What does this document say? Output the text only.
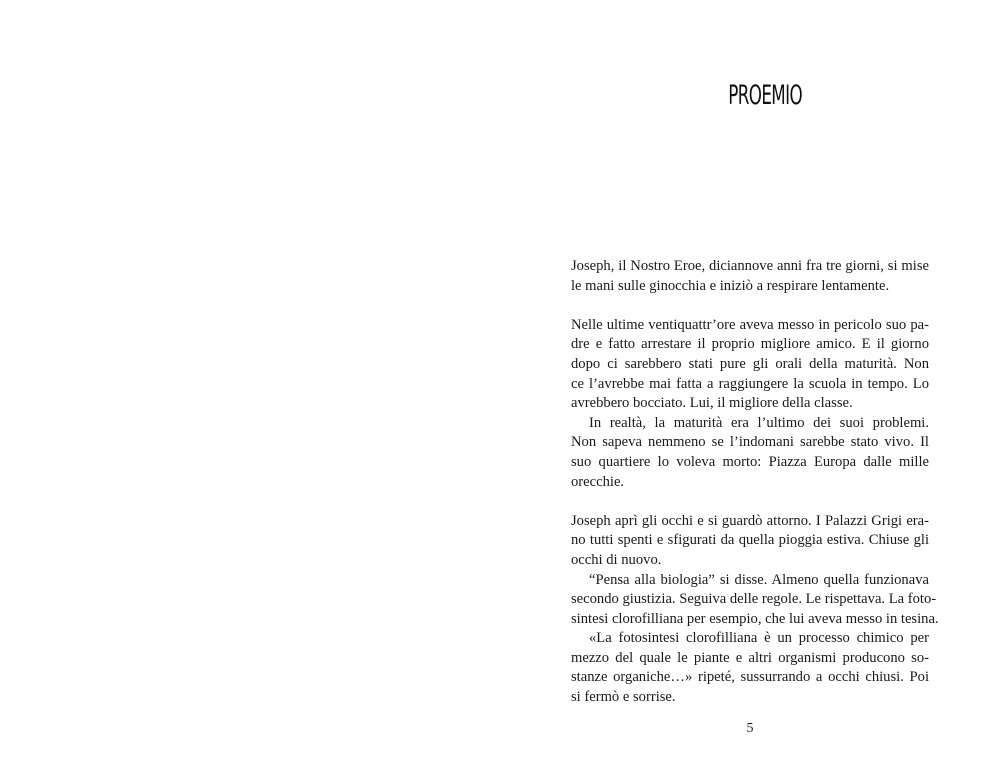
PROEMIO
Joseph, il Nostro Eroe, diciannove anni fra tre giorni, si mise
le mani sulle ginocchia e iniziò a respirare lentamente.
Nelle ultime ventiquattr’ore aveva messo in pericolo suo pa-
dre e fatto arrestare il proprio migliore amico. E il giorno
dopo ci sarebbero stati pure gli orali della maturità. Non
ce l’avrebbe mai fatta a raggiungere la scuola in tempo. Lo
avrebbero bocciato. Lui, il migliore della classe.
In realtà, la maturità era l’ultimo dei suoi problemi.
Non sapeva nemmeno se l’indomani sarebbe stato vivo. Il
suo quartiere lo voleva morto: Piazza Europa dalle mille
orecchie.
Joseph aprì gli occhi e si guardò attorno. I Palazzi Grigi era-
no tutti spenti e sfigurati da quella pioggia estiva. Chiuse gli
occhi di nuovo.
“Pensa alla biologia” si disse. Almeno quella funzionava
secondo giustizia. Seguiva delle regole. Le rispettava. La foto-
sintesi clorofilliana per esempio, che lui aveva messo in tesina.
«La fotosintesi clorofilliana è un processo chimico per
mezzo del quale le piante e altri organismi producono so-
stanze organiche…» ripeté, sussurrando a occhi chiusi. Poi
si fermò e sorrise.
5
